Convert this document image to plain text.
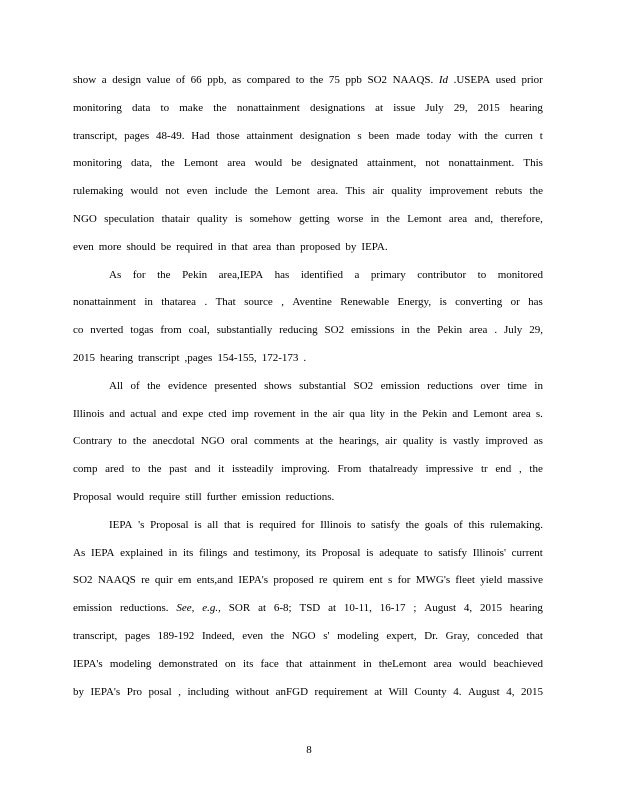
show a design value of 66 ppb, as compared to the 75 ppb SO2 NAAQS. Id .USEPA used prior
monitoring data to make the nonattainment designations at issue July 29, 2015 hearing
transcript, pages 48-49. Had those attainment designation s been made today with the curren t
monitoring data, the Lemont area would be designated attainment, not nonattainment. This
rulemaking would not even include the Lemont area. This air quality improvement rebuts the
NGO speculation thatair quality is somehow getting worse in the Lemont area and, therefore,
even more should be required in that area than proposed by IEPA.
As for the Pekin area,IEPA has identified a primary contributor to monitored
nonattainment in thatarea . That source , Aventine Renewable Energy, is converting or has
co nverted togas from coal, substantially reducing SO2 emissions in the Pekin area . July 29,
2015 hearing transcript ,pages 154-155, 172-173 .
All of the evidence presented shows substantial SO2 emission reductions over time in
Illinois and actual and expe cted imp rovement in the air qua lity in the Pekin and Lemont area s.
Contrary to the anecdotal NGO oral comments at the hearings, air quality is vastly improved as
comp ared to the past and it issteadily improving. From thatalready impressive tr end , the
Proposal would require still further emission reductions.
IEPA 's Proposal is all that is required for Illinois to satisfy the goals of this rulemaking.
As IEPA explained in its filings and testimony, its Proposal is adequate to satisfy Illinois' current
SO2 NAAQS re quir em ents,and IEPA's proposed re quirem ent s for MWG's fleet yield massive
emission reductions. See, e.g., SOR at 6-8; TSD at 10-11, 16-17 ; August 4, 2015 hearing
transcript, pages 189-192 Indeed, even the NGO s' modeling expert, Dr. Gray, conceded that
IEPA's modeling demonstrated on its face that attainment in theLemont area would beachieved
by IEPA's Pro posal , including without anFGD requirement at Will County 4. August 4, 2015
8
